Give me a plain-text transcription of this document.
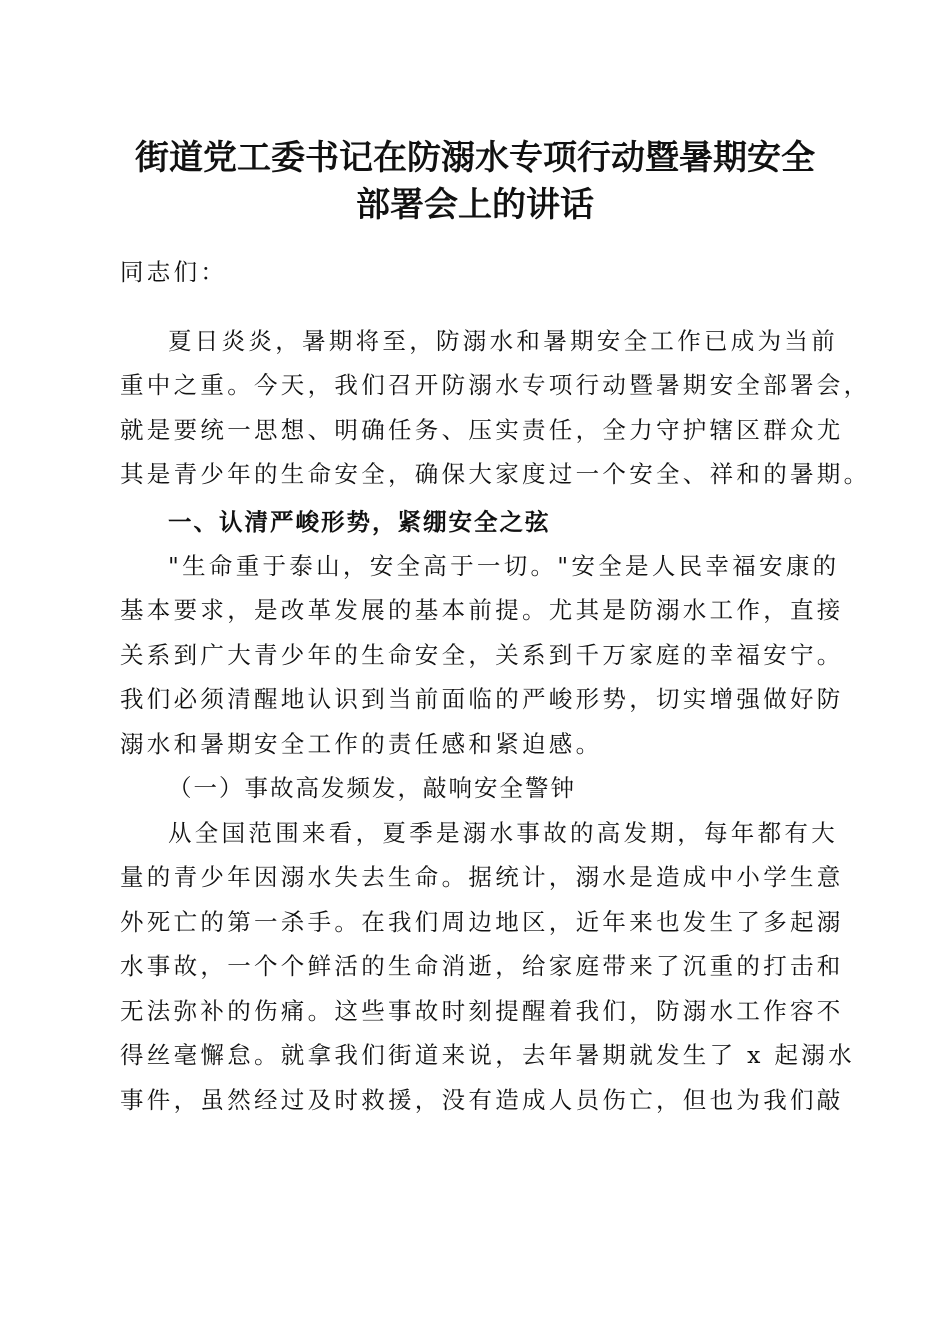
街道党工委书记在防溺水专项行动暨暑期安全
部署会上的讲话
同志们：
夏日炎炎，暑期将至，防溺水和暑期安全工作已成为当前
重中之重。今天，我们召开防溺水专项行动暨暑期安全部署会，
就是要统一思想、明确任务、压实责任，全力守护辖区群众尤
其是青少年的生命安全，确保大家度过一个安全、祥和的暑期。
一、认清严峻形势，紧绷安全之弦
"生命重于泰山，安全高于一切。"安全是人民幸福安康的
基本要求，是改革发展的基本前提。尤其是防溺水工作，直接
关系到广大青少年的生命安全，关系到千万家庭的幸福安宁。
我们必须清醒地认识到当前面临的严峻形势，切实增强做好防
溺水和暑期安全工作的责任感和紧迫感。
（一）事故高发频发，敲响安全警钟
从全国范围来看，夏季是溺水事故的高发期，每年都有大
量的青少年因溺水失去生命。据统计，溺水是造成中小学生意
外死亡的第一杀手。在我们周边地区，近年来也发生了多起溺
水事故，一个个鲜活的生命消逝，给家庭带来了沉重的打击和
无法弥补的伤痛。这些事故时刻提醒着我们，防溺水工作容不
得丝毫懈怠。就拿我们街道来说，去年暑期就发生了 x 起溺水
事件，虽然经过及时救援，没有造成人员伤亡，但也为我们敲
